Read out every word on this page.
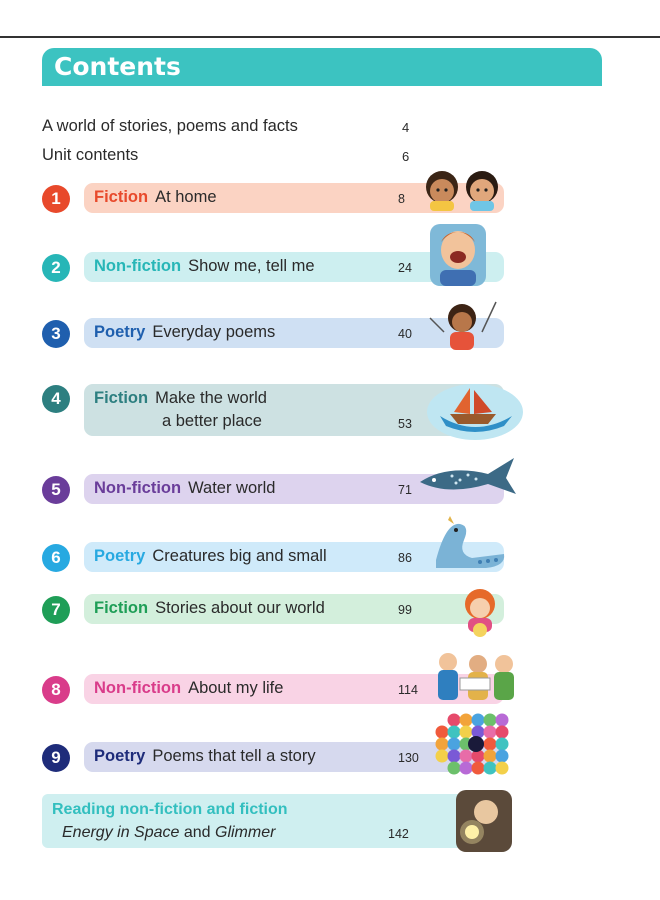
Contents
A world of stories, poems and facts	4
Unit contents	6
1	Fiction At home	8
2	Non-fiction Show me, tell me	24
3	Poetry Everyday poems	40
4	Fiction Make the world
a better place	53
5	Non-fiction Water world	71
6	Poetry Creatures big and small	86
7	Fiction Stories about our world	99
8	Non-fiction About my life	114
9	Poetry Poems that tell a story	130
Reading non-fiction and fiction
Energy in Space and Glimmer	142
